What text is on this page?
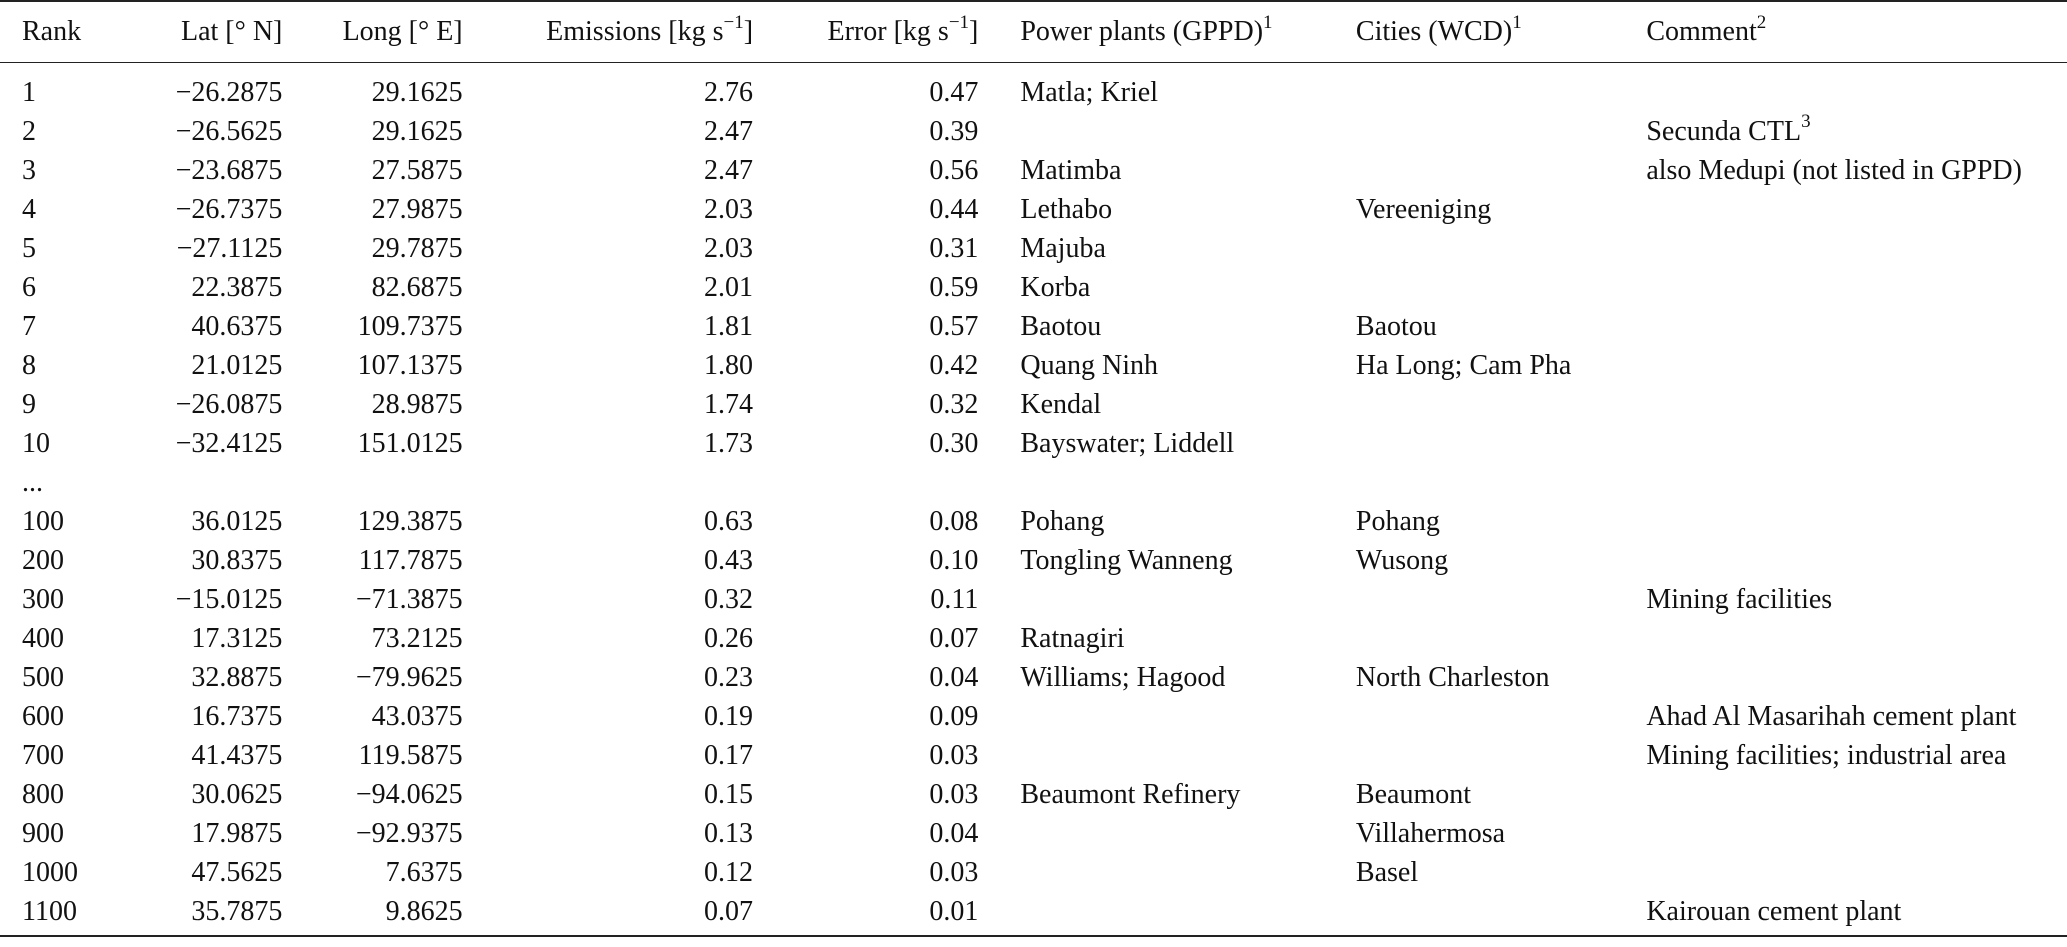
Rank	Lat [° N]	Long [° E]	Emissions [kg $s^{-1}$]	Error [kg $s^{-1}$]	Power plants (GPPD)$^1$	Cities (WCD)$^1$	Comment$^2$
1	−26.2875	29.1625	2.76	0.47	Matla; Kriel		
2	−26.5625	29.1625	2.47	0.39			Secunda CTL$^3$
3	−23.6875	27.5875	2.47	0.56	Matimba		also Medupi (not listed in GPPD)
4	−26.7375	27.9875	2.03	0.44	Lethabo	Vereeniging	
5	−27.1125	29.7875	2.03	0.31	Majuba		
6	22.3875	82.6875	2.01	0.59	Korba		
7	40.6375	109.7375	1.81	0.57	Baotou	Baotou	
8	21.0125	107.1375	1.80	0.42	Quang Ninh	Ha Long; Cam Pha	
9	−26.0875	28.9875	1.74	0.32	Kendal		
10	−32.4125	151.0125	1.73	0.30	Bayswater; Liddell		
...							
100	36.0125	129.3875	0.63	0.08	Pohang	Pohang	
200	30.8375	117.7875	0.43	0.10	Tongling Wanneng	Wusong	
300	−15.0125	−71.3875	0.32	0.11			Mining facilities
400	17.3125	73.2125	0.26	0.07	Ratnagiri		
500	32.8875	−79.9625	0.23	0.04	Williams; Hagood	North Charleston	
600	16.7375	43.0375	0.19	0.09			Ahad Al Masarihah cement plant
700	41.4375	119.5875	0.17	0.03			Mining facilities; industrial area
800	30.0625	−94.0625	0.15	0.03	Beaumont Refinery	Beaumont	
900	17.9875	−92.9375	0.13	0.04		Villahermosa	
1000	47.5625	7.6375	0.12	0.03		Basel	
1100	35.7875	9.8625	0.07	0.01			Kairouan cement plant
